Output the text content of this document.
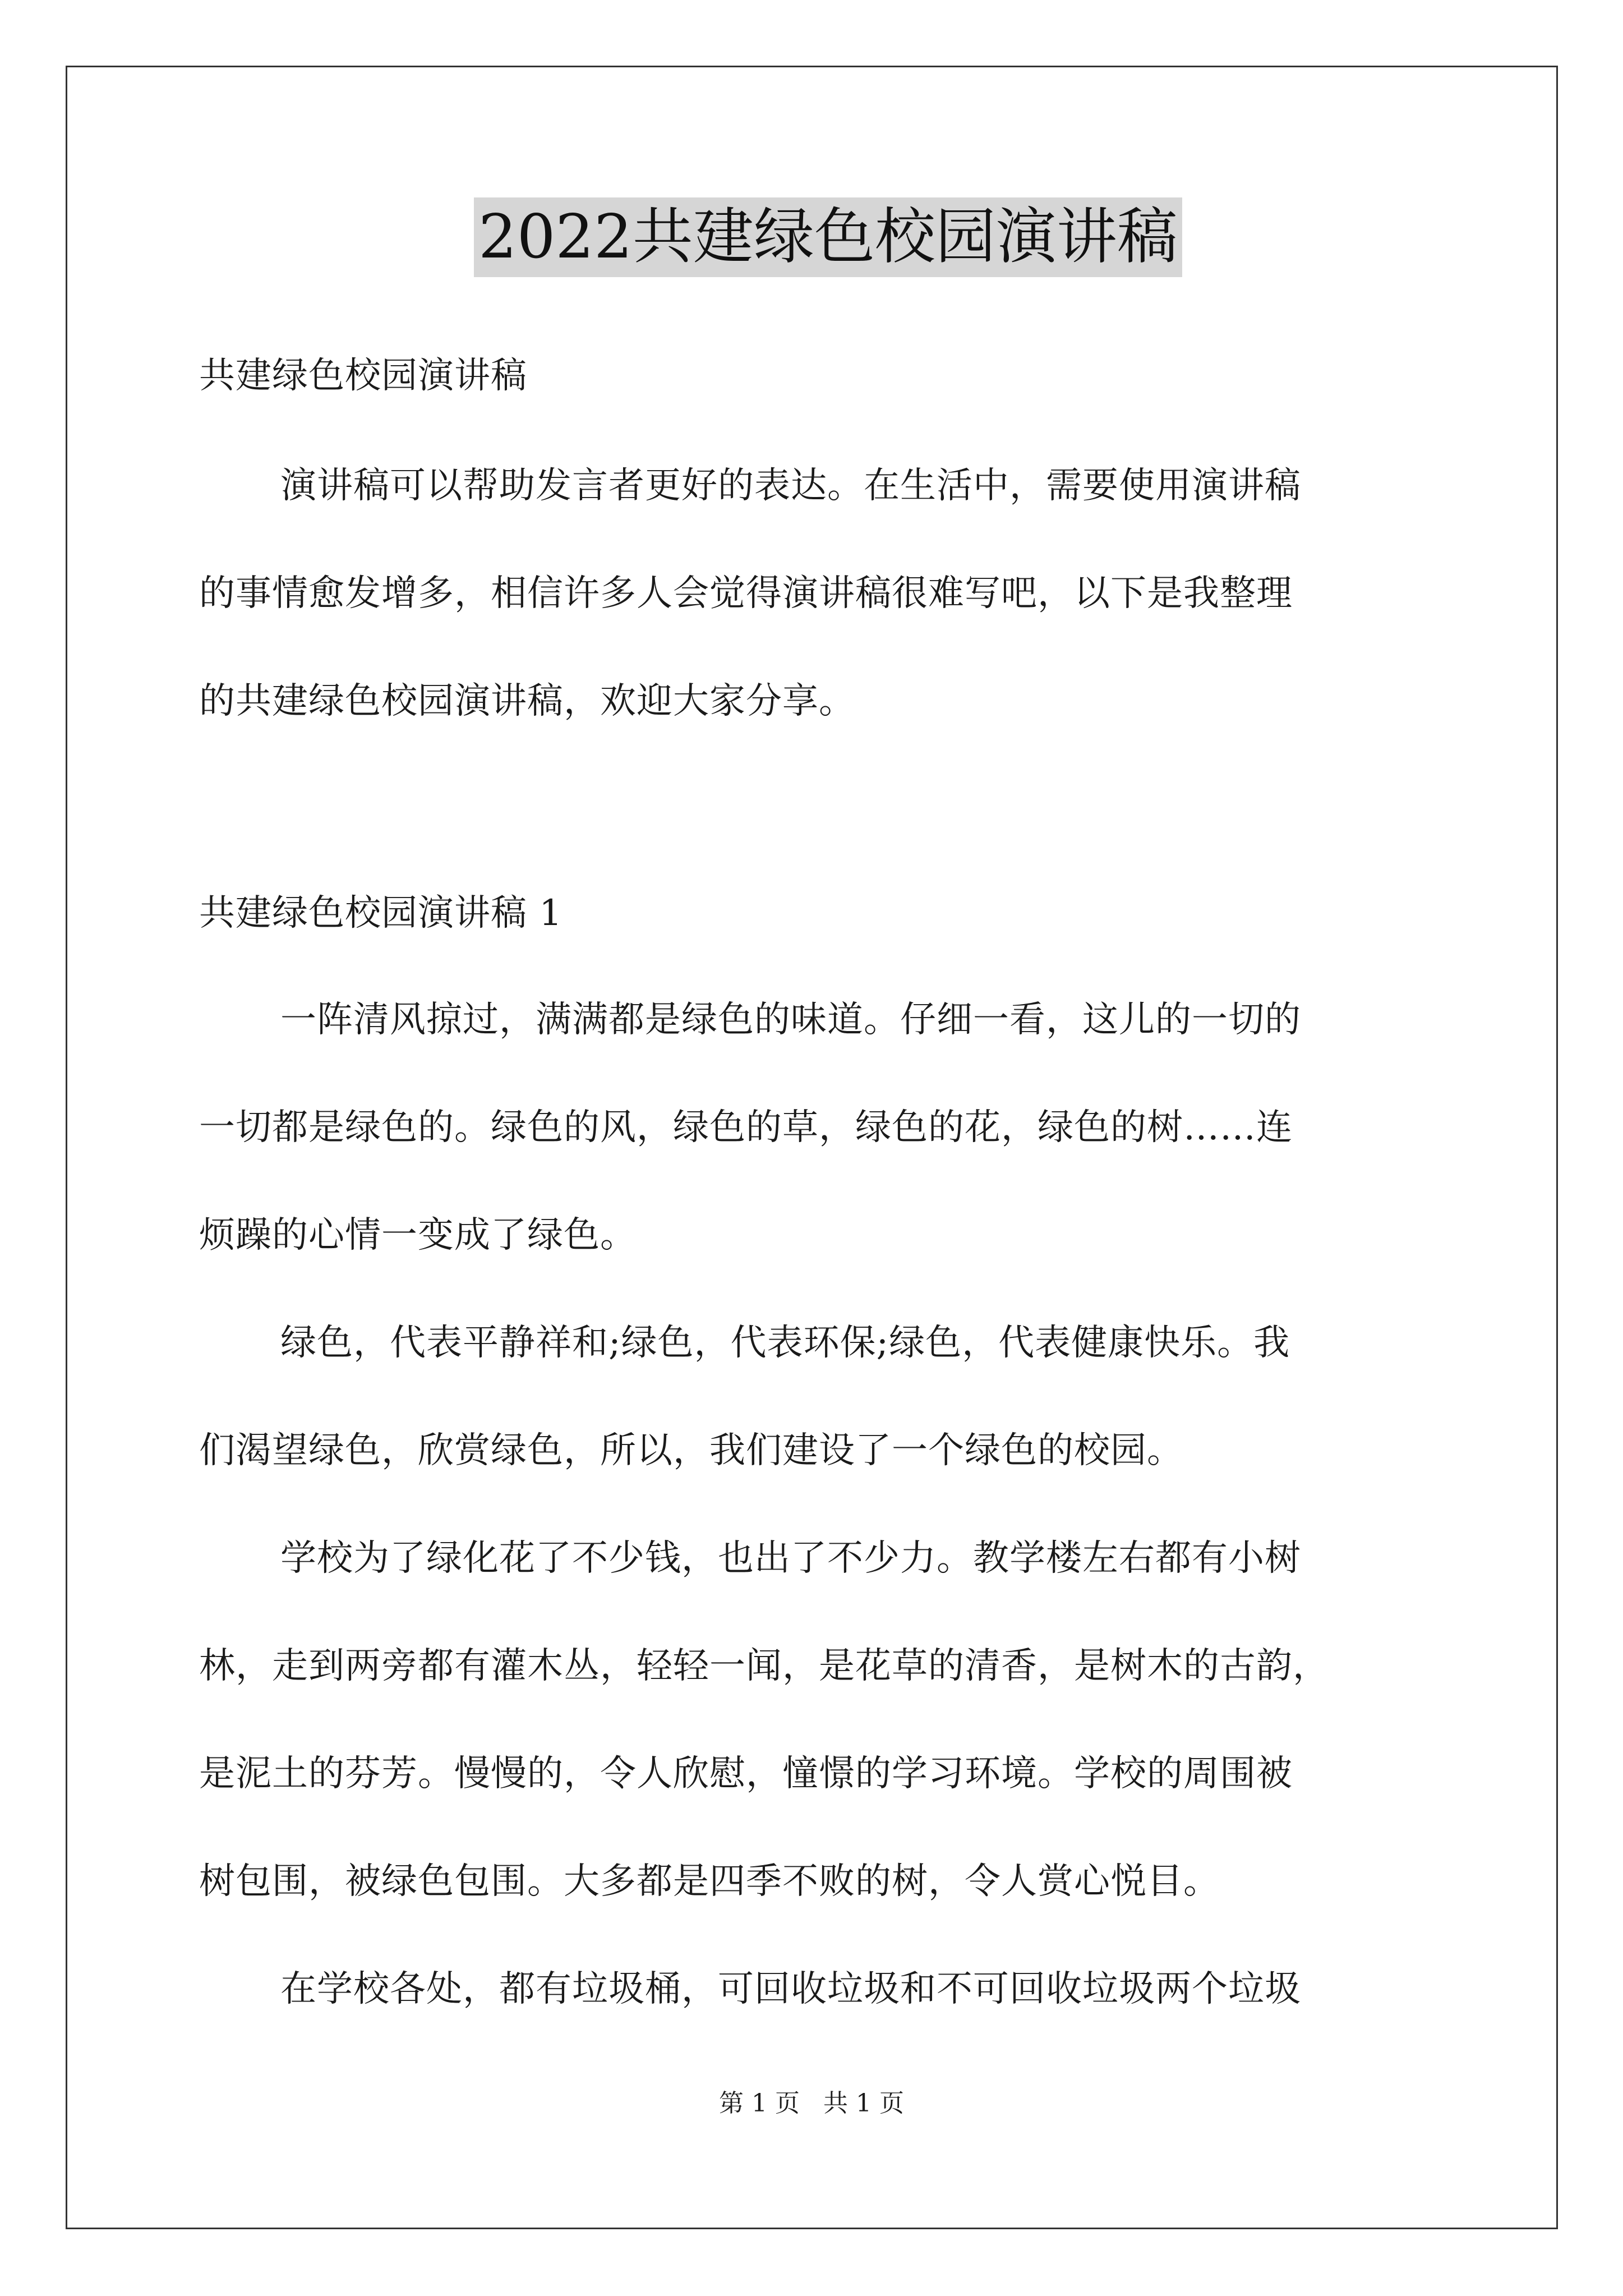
2022共建绿色校园演讲稿
共建绿色校园演讲稿
演讲稿可以帮助发言者更好的表达。在生活中，需要使用演讲稿
的事情愈发增多，相信许多人会觉得演讲稿很难写吧，以下是我整理
的共建绿色校园演讲稿，欢迎大家分享。
共建绿色校园演讲稿 1
一阵清风掠过，满满都是绿色的味道。仔细一看，这儿的一切的
一切都是绿色的。绿色的风，绿色的草，绿色的花，绿色的树……连
烦躁的心情一变成了绿色。
绿色，代表平静祥和;绿色，代表环保;绿色，代表健康快乐。我
们渴望绿色，欣赏绿色，所以，我们建设了一个绿色的校园。
学校为了绿化花了不少钱，也出了不少力。教学楼左右都有小树
林，走到两旁都有灌木丛，轻轻一闻，是花草的清香，是树木的古韵，
是泥土的芬芳。慢慢的，令人欣慰，憧憬的学习环境。学校的周围被
树包围，被绿色包围。大多都是四季不败的树，令人赏心悦目。
在学校各处，都有垃圾桶，可回收垃圾和不可回收垃圾两个垃圾
第 1 页   共 1 页
